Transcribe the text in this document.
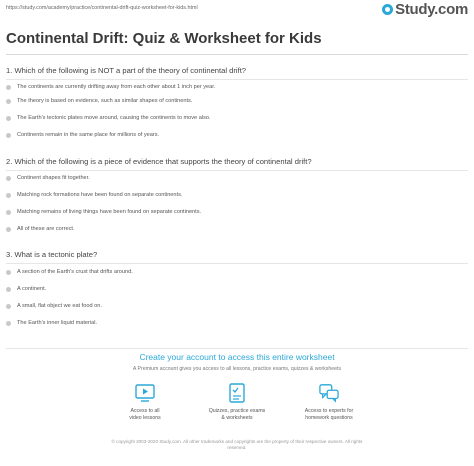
https://study.com/academy/practice/continental-drift-quiz-worksheet-for-kids.html	Study.com
Continental Drift: Quiz & Worksheet for Kids
1. Which of the following is NOT a part of the theory of continental drift?
The continents are currently drifting away from each other about 1 inch per year.
The theory is based on evidence, such as similar shapes of continents.
The Earth's tectonic plates move around, causing the continents to move also.
Continents remain in the same place for millions of years.
2. Which of the following is a piece of evidence that supports the theory of continental drift?
Continent shapes fit together.
Matching rock formations have been found on separate continents.
Matching remains of living things have been found on separate continents.
All of these are correct.
3. What is a tectonic plate?
A section of the Earth's crust that drifts around.
A continent.
A small, flat object we eat food on.
The Earth's inner liquid material.
Create your account to access this entire worksheet
A Premium account gives you access to all lessons, practice exams, quizzes & worksheets
Access to all
video lessons
Quizzes, practice exams
& worksheets
Access to experts for
homework questions
© copyright 2003-2020 Study.com. All other trademarks and copyrights are the property of their respective owners. All rights
reserved.
